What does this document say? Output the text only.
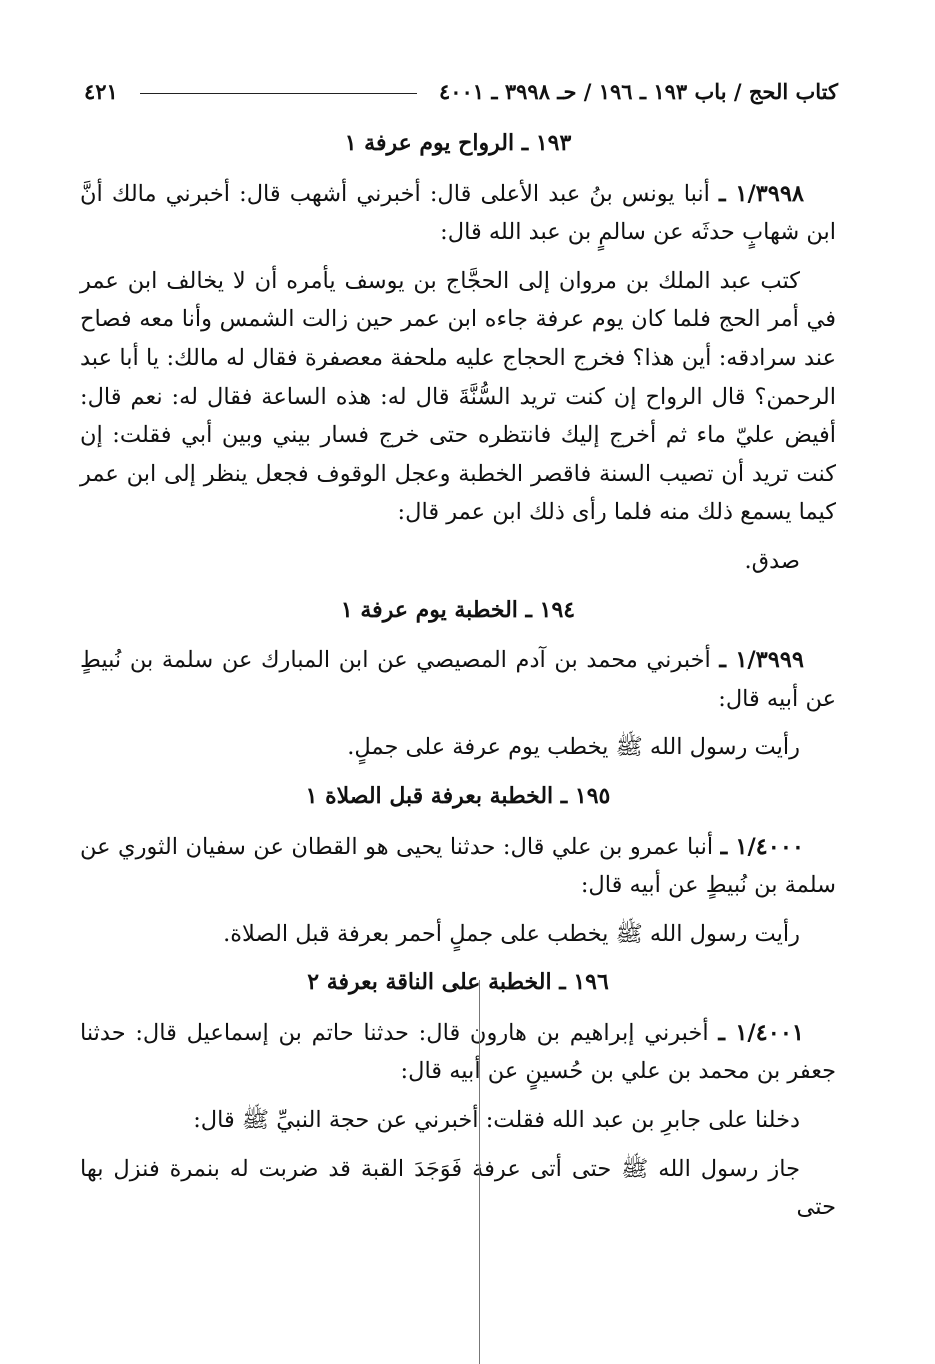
كتاب الحج / باب ١٩٣ ـ ١٩٦ / حـ ٣٩٩٨ ـ ٤٠٠١
٤٢١
١٩٣ ـ الرواح يوم عرفة ١

١/٣٩٩٨ ـ أنبا يونس بنُ عبد الأعلى قال: أخبرني أشهب قال: أخبرني مالك أنَّ ابن شهابٍ حدثَه عن سالمٍ بن عبد الله قال:

كتب عبد الملك بن مروان إلى الحجَّاج بن يوسف يأمره أن لا يخالف ابن عمر في أمر الحج فلما كان يوم عرفة جاءه ابن عمر حين زالت الشمس وأنا معه فصاح عند سرادقه: أين هذا؟ فخرج الحجاج عليه ملحفة معصفرة فقال له مالك: يا أبا عبد الرحمن؟ قال الرواح إن كنت تريد السُّنَّةَ قال له: هذه الساعة فقال له: نعم قال: أفيض عليّ ماء ثم أخرج إليك فانتظره حتى خرج فسار بيني وبين أبي فقلت: إن كنت تريد أن تصيب السنة فاقصر الخطبة وعجل الوقوف فجعل ينظر إلى ابن عمر كيما يسمع ذلك منه فلما رأى ذلك ابن عمر قال:

صدق.

١٩٤ ـ الخطبة يوم عرفة ١

١/٣٩٩٩ ـ أخبرني محمد بن آدم المصيصي عن ابن المبارك عن سلمة بن نُبيطٍ عن أبيه قال:

رأيت رسول الله ﷺ يخطب يوم عرفة على جملٍ.

١٩٥ ـ الخطبة بعرفة قبل الصلاة ١

١/٤٠٠٠ ـ أنبا عمرو بن علي قال: حدثنا يحيى هو القطان عن سفيان الثوري عن سلمة بن نُبيطٍ عن أبيه قال:

رأيت رسول الله ﷺ يخطب على جملٍ أحمر بعرفة قبل الصلاة.

١٩٦ ـ الخطبة على الناقة بعرفة ٢

١/٤٠٠١ ـ أخبرني إبراهيم بن هارون قال: حدثنا حاتم بن إسماعيل قال: حدثنا جعفر بن محمد بن علي بن حُسينٍ عن أبيه قال:

دخلنا على جابرِ بن عبد الله فقلت: أخبرني عن حجة النبيِّ ﷺ قال:

جاز رسول الله ﷺ حتى أتى عرفة فَوَجَدَ القبة قد ضربت له بنمرة فنزل بها حتى
